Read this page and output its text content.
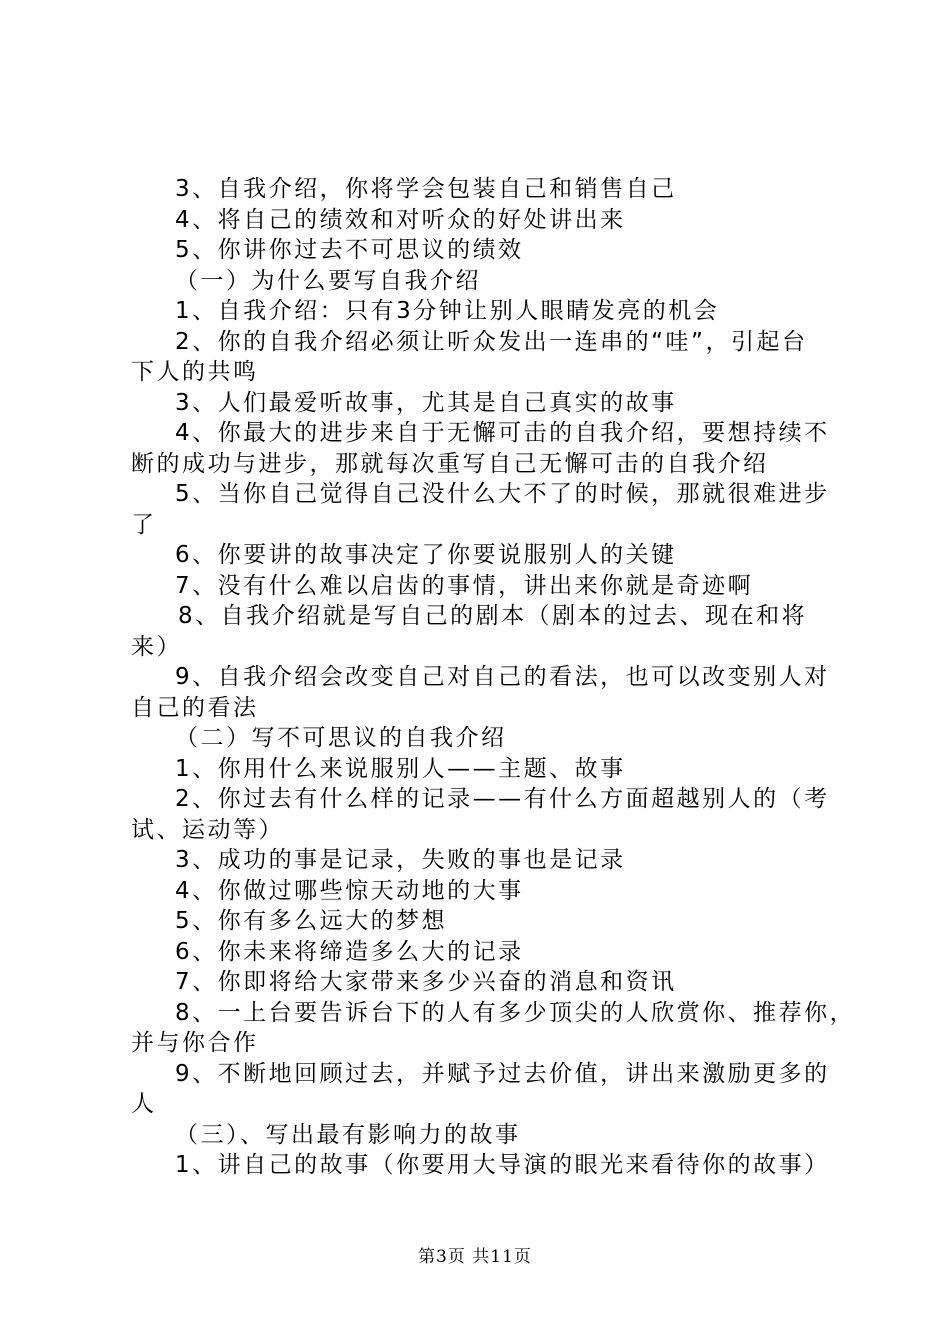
3、自我介绍，你将学会包装自己和销售自己
4、将自己的绩效和对听众的好处讲出来
5、你讲你过去不可思议的绩效
（一）为什么要写自我介绍
1、自我介绍：只有3分钟让别人眼睛发亮的机会
2、你的自我介绍必须让听众发出一连串的“哇”，引起台
下人的共鸣
3、人们最爱听故事，尤其是自己真实的故事
4、你最大的进步来自于无懈可击的自我介绍，要想持续不
断的成功与进步，那就每次重写自己无懈可击的自我介绍
5、当你自己觉得自己没什么大不了的时候，那就很难进步
了
6、你要讲的故事决定了你要说服别人的关键
7、没有什么难以启齿的事情，讲出来你就是奇迹啊
8、自我介绍就是写自己的剧本（剧本的过去、现在和将
来）
9、自我介绍会改变自己对自己的看法，也可以改变别人对
自己的看法
（二）写不可思议的自我介绍
1、你用什么来说服别人——主题、故事
2、你过去有什么样的记录——有什么方面超越别人的（考
试、运动等）
3、成功的事是记录，失败的事也是记录
4、你做过哪些惊天动地的大事
5、你有多么远大的梦想
6、你未来将缔造多么大的记录
7、你即将给大家带来多少兴奋的消息和资讯
8、一上台要告诉台下的人有多少顶尖的人欣赏你、推荐你，
并与你合作
9、不断地回顾过去，并赋予过去价值，讲出来激励更多的
人
（三）、写出最有影响力的故事
1、讲自己的故事（你要用大导演的眼光来看待你的故事）
第3页 共11页
